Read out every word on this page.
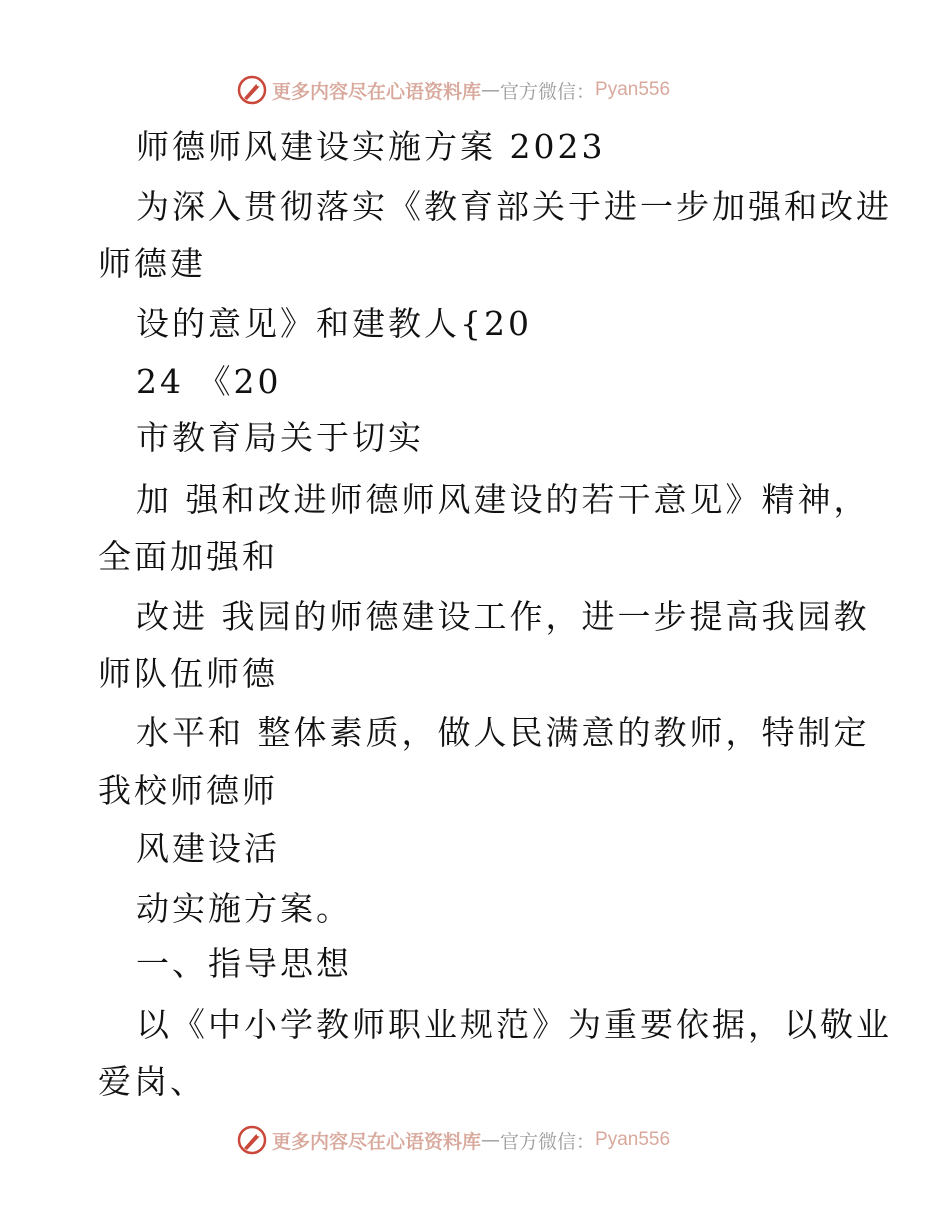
更多内容尽在心语资料库 — 官方微信： Pyan556
师德师风建设实施方案 2023
为深入贯彻落实《教育部关于进一步加强和改进
师德建
设的意见》和建教人{20
24 《20
市教育局关于切实
加 强和改进师德师风建设的若干意见》精神，
全面加强和
改进 我园的师德建设工作，进一步提高我园教
师队伍师德
水平和 整体素质，做人民满意的教师，特制定
我校师德师
风建设活
动实施方案。
一、指导思想
以《中小学教师职业规范》为重要依据，以敬业
爱岗、
更多内容尽在心语资料库 — 官方微信： Pyan556
